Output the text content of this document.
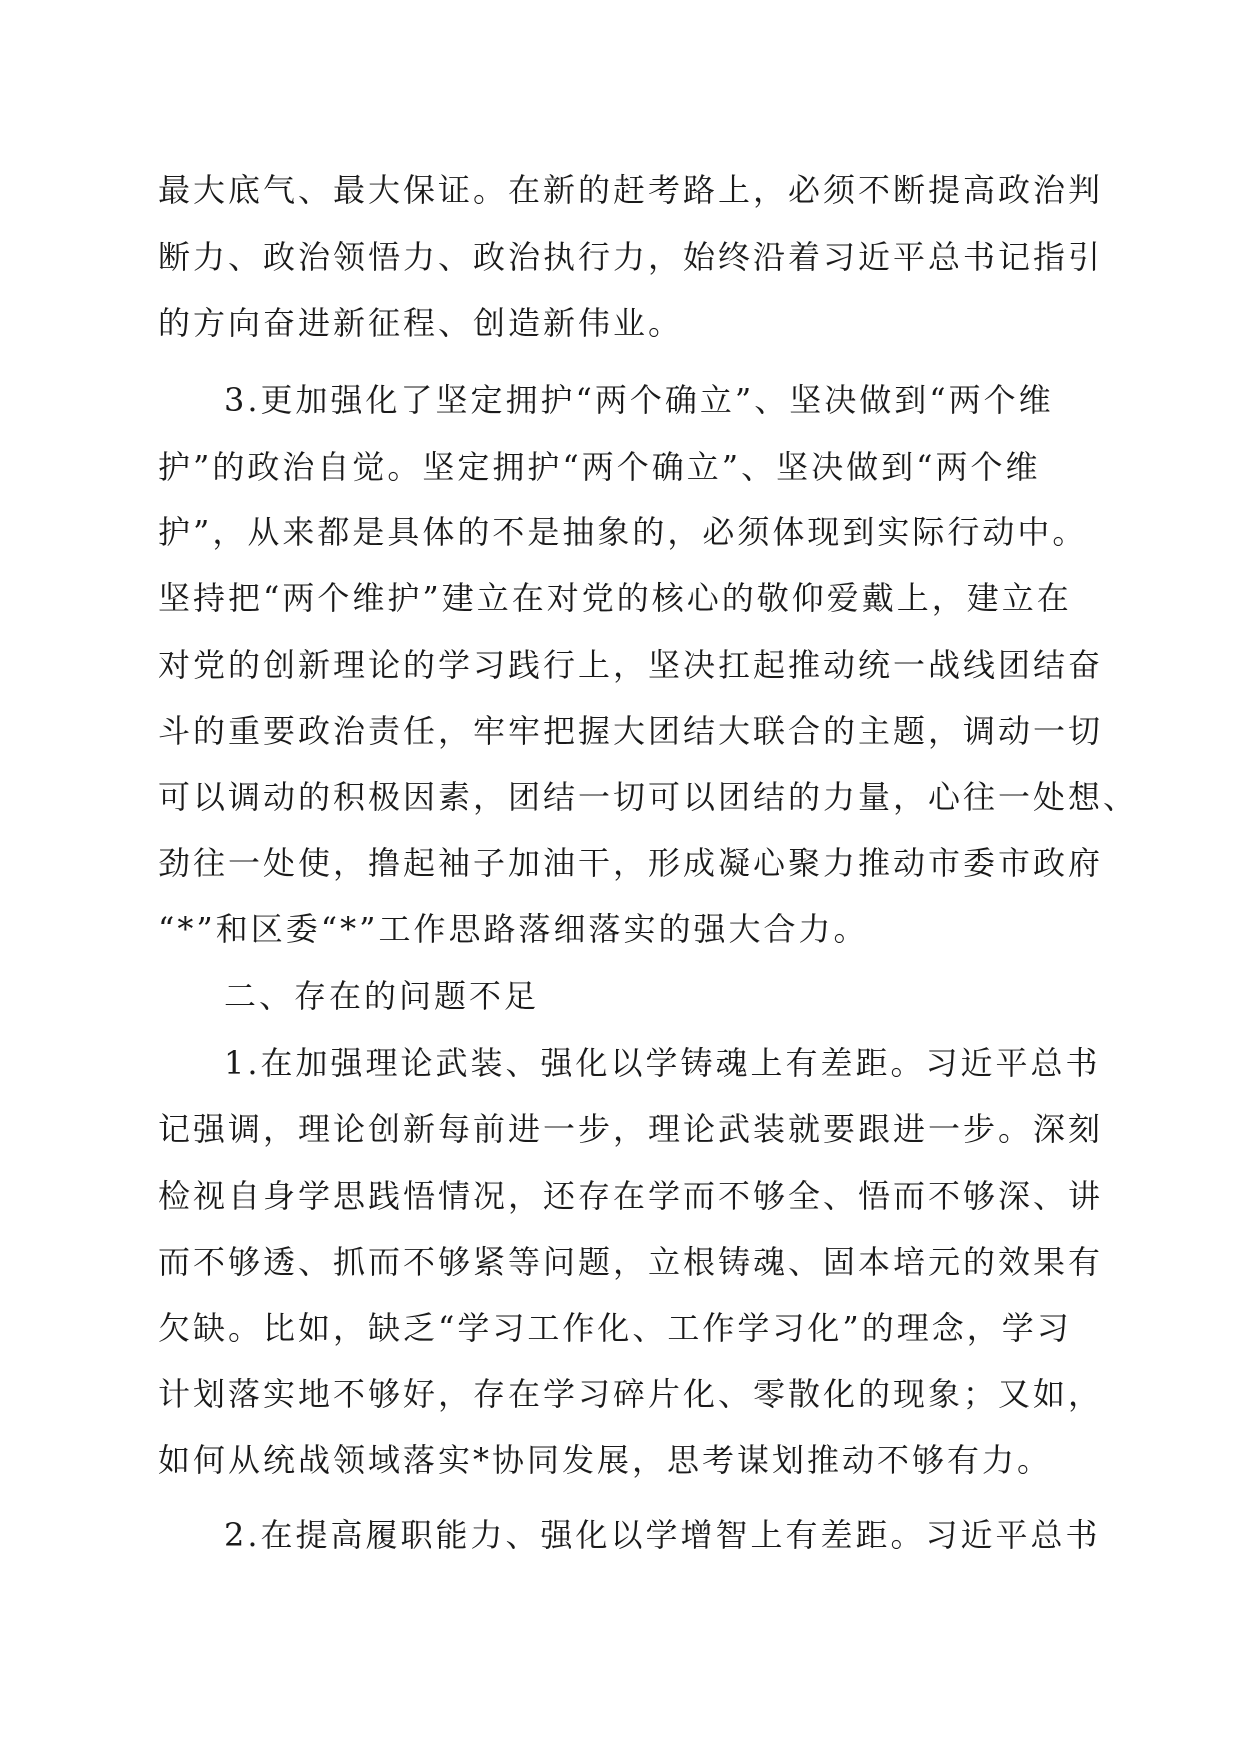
最大底气、最大保证。在新的赶考路上，必须不断提高政治判
断力、政治领悟力、政治执行力，始终沿着习近平总书记指引
的方向奋进新征程、创造新伟业。
3.更加强化了坚定拥护“两个确立”、坚决做到“两个维
护”的政治自觉。坚定拥护“两个确立”、坚决做到“两个维
护”，从来都是具体的不是抽象的，必须体现到实际行动中。
坚持把“两个维护”建立在对党的核心的敬仰爱戴上，建立在
对党的创新理论的学习践行上，坚决扛起推动统一战线团结奋
斗的重要政治责任，牢牢把握大团结大联合的主题，调动一切
可以调动的积极因素，团结一切可以团结的力量，心往一处想、
劲往一处使，撸起袖子加油干，形成凝心聚力推动市委市政府
“*”和区委“*”工作思路落细落实的强大合力。
二、存在的问题不足
1.在加强理论武装、强化以学铸魂上有差距。习近平总书
记强调，理论创新每前进一步，理论武装就要跟进一步。深刻
检视自身学思践悟情况，还存在学而不够全、悟而不够深、讲
而不够透、抓而不够紧等问题，立根铸魂、固本培元的效果有
欠缺。比如，缺乏“学习工作化、工作学习化”的理念，学习
计划落实地不够好，存在学习碎片化、零散化的现象；又如，
如何从统战领域落实*协同发展，思考谋划推动不够有力。
2.在提高履职能力、强化以学增智上有差距。习近平总书
